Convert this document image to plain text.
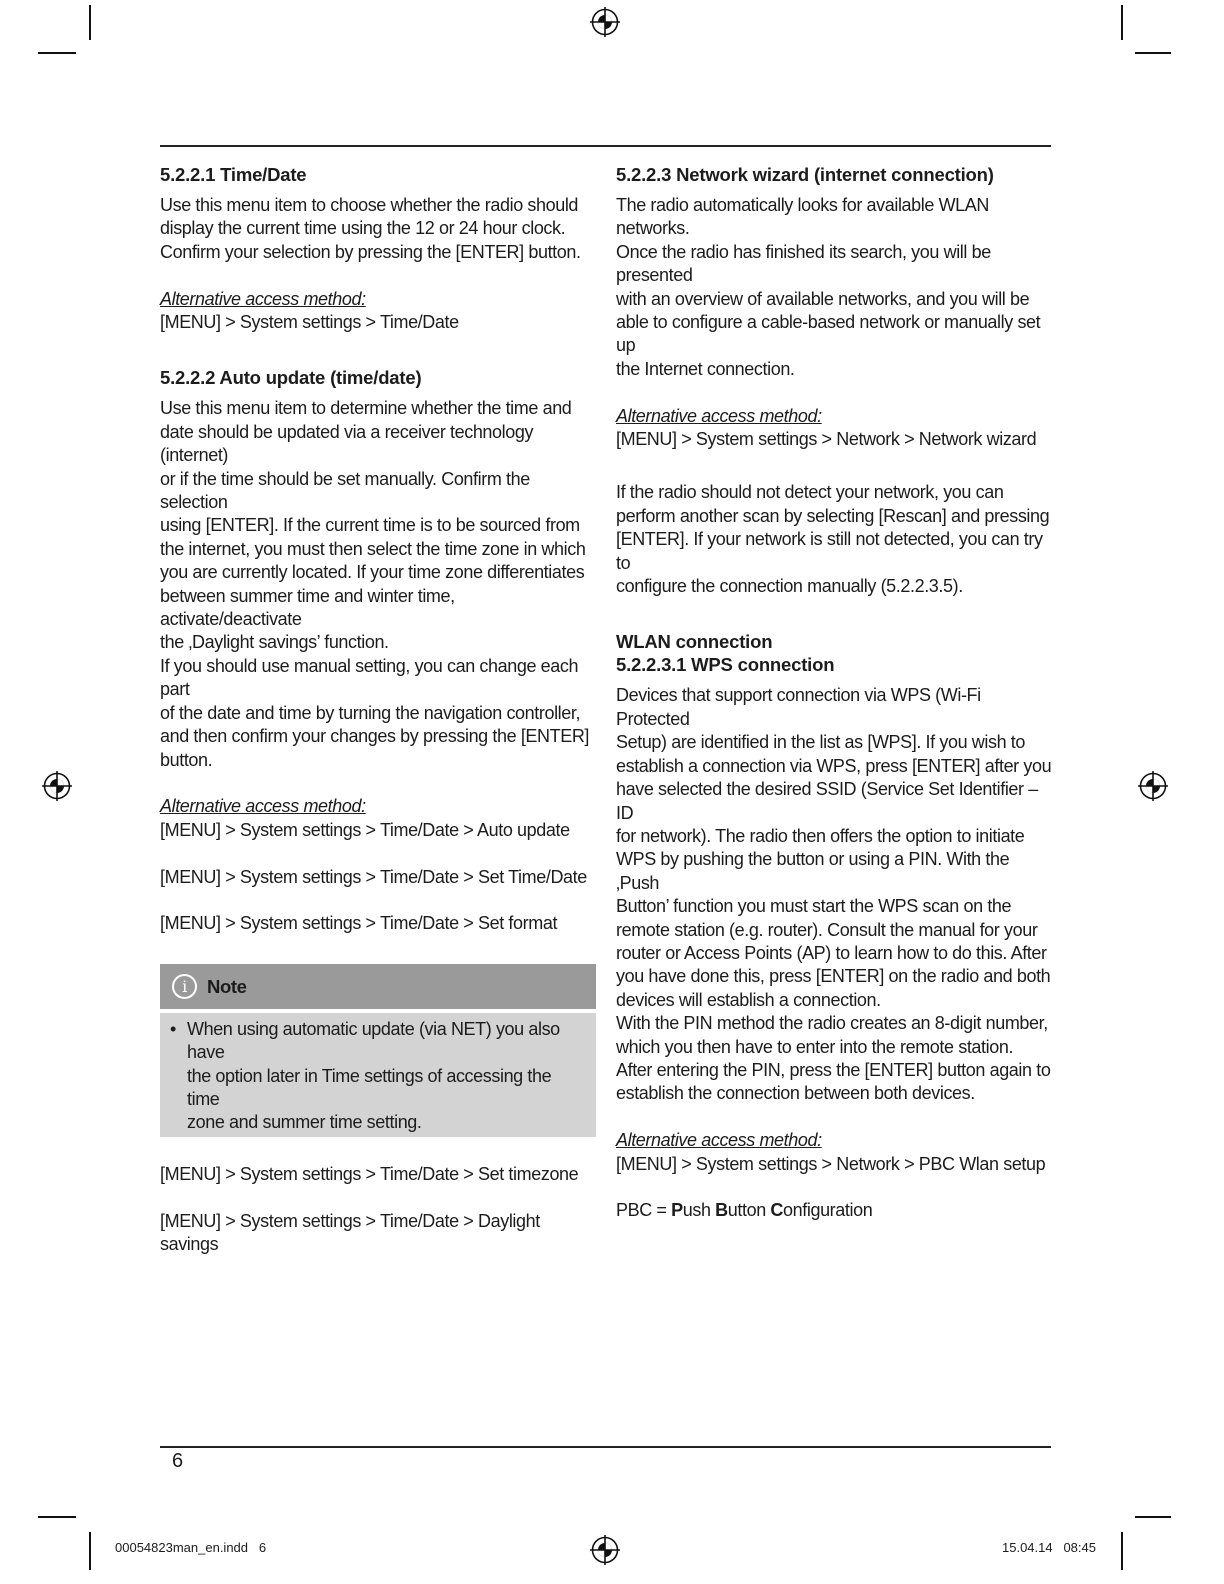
5.2.2.1 Time/Date

Use this menu item to choose whether the radio should

display the current time using the 12 or 24 hour clock.

Confirm your selection by pressing the [ENTER] button.

Alternative access method:

[MENU] > System settings > Time/Date

5.2.2.2 Auto update (time/date)

Use this menu item to determine whether the time and

date should be updated via a receiver technology (internet)

or if the time should be set manually. Confirm the selection

using [ENTER]. If the current time is to be sourced from

the internet, you must then select the time zone in which

you are currently located. If your time zone differentiates

between summer time and winter time, activate/deactivate

the ‚Daylight savings’ function.

If you should use manual setting, you can change each part

of the date and time by turning the navigation controller,

and then confirm your changes by pressing the [ENTER]

button.

Alternative access method:

[MENU] > System settings > Time/Date > Auto update

[MENU] > System settings > Time/Date > Set Time/Date

[MENU] > System settings > Time/Date > Set format

i	Note
• When using automatic update (via NET) you also have

the option later in Time settings of accessing the time

zone and summer time setting.

[MENU] > System settings > Time/Date > Set timezone

[MENU] > System settings > Time/Date > Daylight savings

5.2.2.3 Network wizard (internet connection)

The radio automatically looks for available WLAN networks.

Once the radio has finished its search, you will be presented

with an overview of available networks, and you will be

able to configure a cable-based network or manually set up

the Internet connection.

Alternative access method:

[MENU] > System settings > Network > Network wizard

If the radio should not detect your network, you can

perform another scan by selecting [Rescan] and pressing

[ENTER]. If your network is still not detected, you can try to

configure the connection manually (5.2.2.3.5).

WLAN connection
5.2.2.3.1 WPS connection

Devices that support connection via WPS (Wi-Fi Protected

Setup) are identified in the list as [WPS]. If you wish to

establish a connection via WPS, press [ENTER] after you

have selected the desired SSID (Service Set Identifier – ID

for network). The radio then offers the option to initiate

WPS by pushing the button or using a PIN. With the ‚Push

Button’ function you must start the WPS scan on the

remote station (e.g. router). Consult the manual for your

router or Access Points (AP) to learn how to do this. After

you have done this, press [ENTER] on the radio and both

devices will establish a connection.

With the PIN method the radio creates an 8-digit number,

which you then have to enter into the remote station.

After entering the PIN, press the [ENTER] button again to

establish the connection between both devices.

Alternative access method:

[MENU] > System settings > Network > PBC Wlan setup

PBC = Push Button Configuration

6
00054823man_en.indd   6	15.04.14   08:45
